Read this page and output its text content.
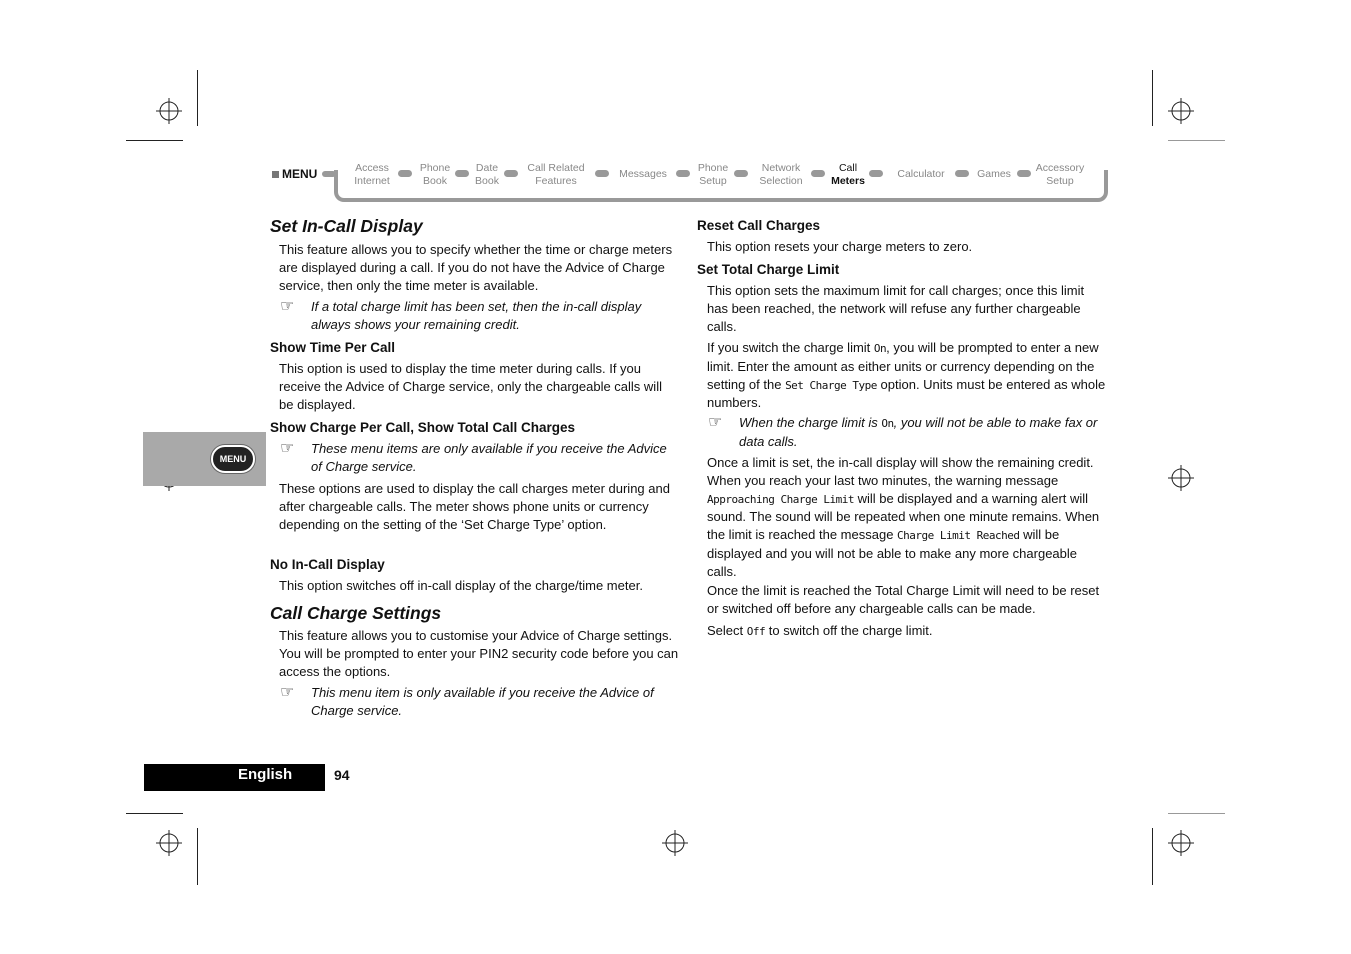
MENU	Access
Internet
Phone
Book
Date
Book
Call Related
Features
Messages	Phone
Setup
Network
Selection
Call
Meters
Calculator	Games Accessory
Setup
Set In-Call Display

This feature allows you to specify whether the time or charge meters are displayed during a call. If you do not have the Advice of Charge service, then only the time meter is available.

☞ If a total charge limit has been set, then the in-call display always shows your remaining credit.

Show Time Per Call

This option is used to display the time meter during calls. If you receive the Advice of Charge service, only the chargeable calls will be displayed.

Show Charge Per Call, Show Total Call Charges
☞ These menu items are only available if you receive the Advice of Charge service.

These options are used to display the call charges meter during and after chargeable calls. The meter shows phone units or currency depending on the setting of the ‘Set Charge Type’ option.

No In-Call Display

This option switches off in-call display of the charge/time meter.

Call Charge Settings

This feature allows you to customise your Advice of Charge settings. You will be prompted to enter your PIN2 security code before you can access the options.

☞ This menu item is only available if you receive the Advice of Charge service.

Reset Call Charges

This option resets your charge meters to zero.

Set Total Charge Limit

This option sets the maximum limit for call charges; once this limit has been reached, the network will refuse any further chargeable calls.

If you switch the charge limit On, you will be prompted to enter a new limit. Enter the amount as either units or currency depending on the setting of the Set Charge Type option. Units must be entered as whole numbers.

☞ When the charge limit is On, you will not be able to make fax or data calls.

Once a limit is set, the in-call display will show the remaining credit. When you reach your last two minutes, the warning message Approaching Charge Limit will be displayed and a warning alert will sound. The sound will be repeated when one minute remains. When the limit is reached the message Charge Limit Reached will be displayed and you will not be able to make any more chargeable calls.

Once the limit is reached the Total Charge Limit will need to be reset or switched off before any chargeable calls can be made.

Select Off to switch off the charge limit.

MENU
English	94
